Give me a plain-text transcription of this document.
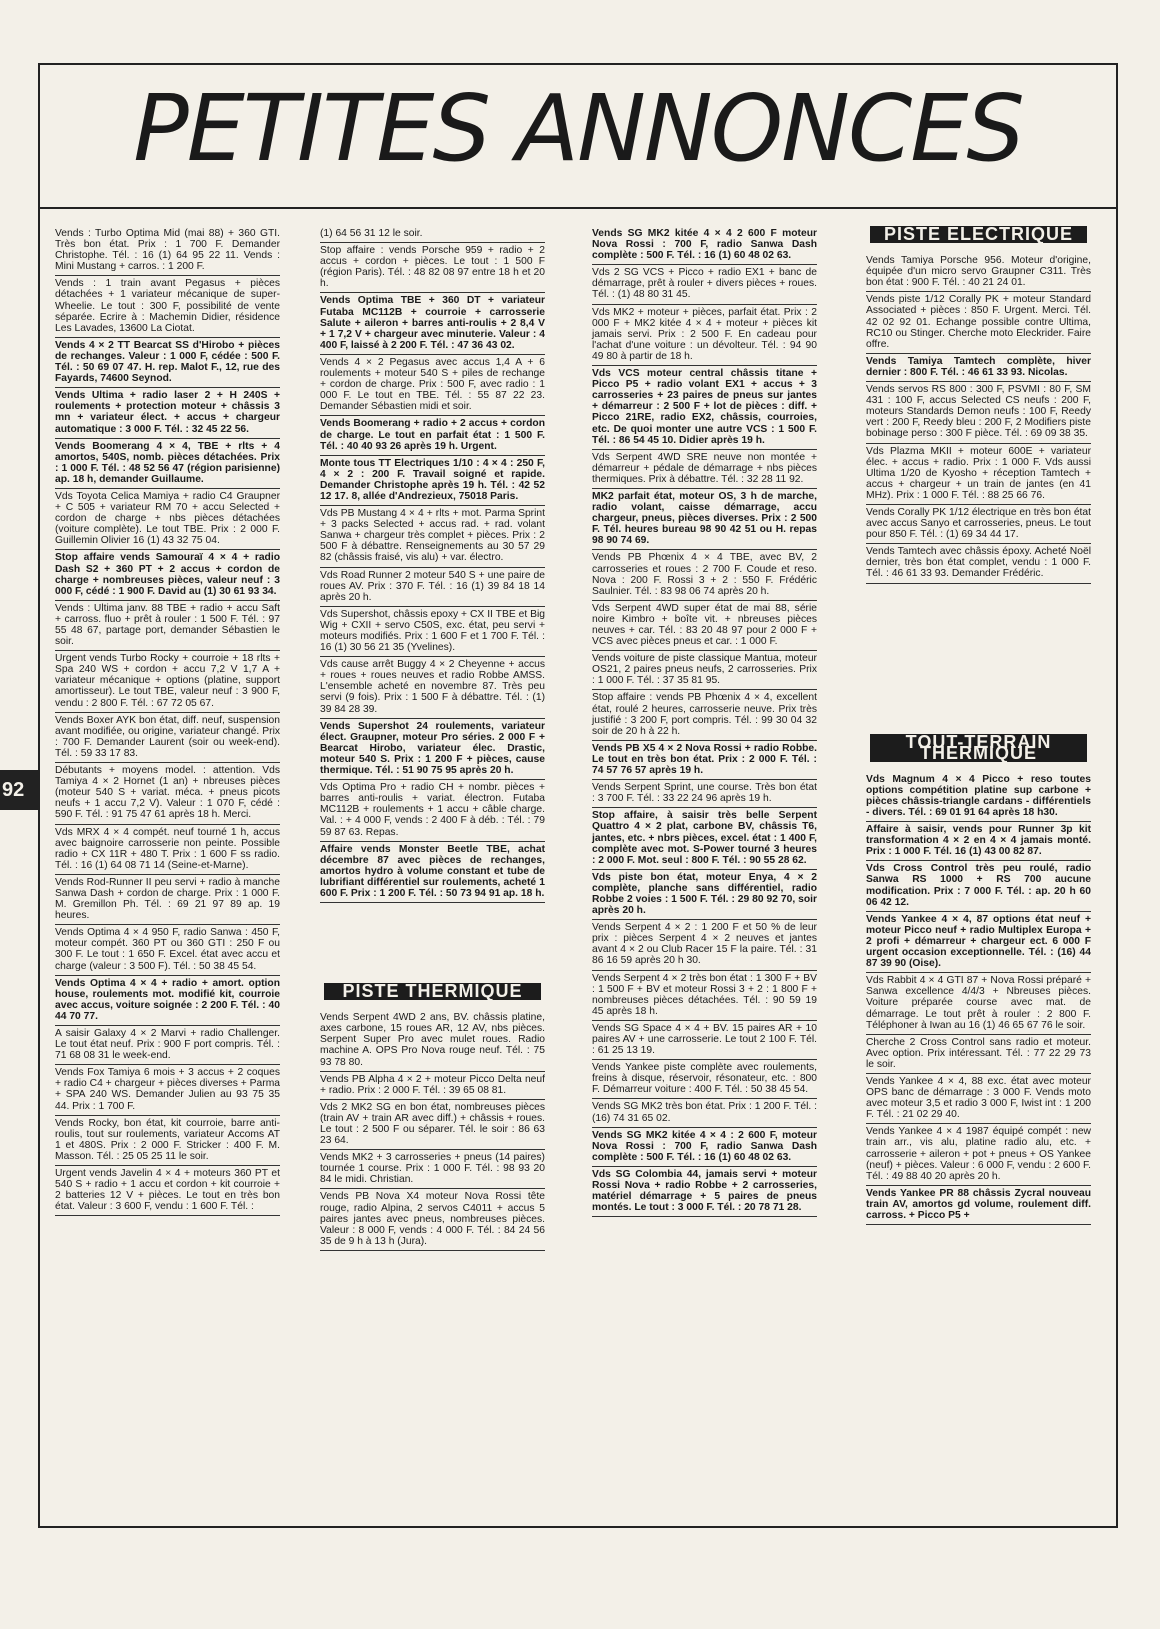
PETITES ANNONCES
92
Vends : Turbo Optima Mid (mai 88) + 360 GTI. Très bon état. Prix : 1 700 F. Demander Christophe. Tél. : 16 (1) 64 95 22 11. Vends : Mini Mustang + carros. : 1 200 F.
Vends : 1 train avant Pegasus + pièces détachées + 1 variateur mécanique de super-Wheelie. Le tout : 300 F, possibilité de vente séparée. Ecrire à : Machemin Didier, résidence Les Lavades, 13600 La Ciotat.
Vends 4 × 2 TT Bearcat SS d'Hirobo + pièces de rechanges. Valeur : 1 000 F, cédée : 500 F. Tél. : 50 69 07 47. H. rep. Malot F., 12, rue des Fayards, 74600 Seynod.
Vends Ultima + radio laser 2 + H 240S + roulements + protection moteur + châssis 3 mn + variateur élect. + accus + chargeur automatique : 3 000 F. Tél. : 32 45 22 56.
Vends Boomerang 4 × 4, TBE + rlts + 4 amortos, 540S, nomb. pièces détachées. Prix : 1 000 F. Tél. : 48 52 56 47 (région parisienne) ap. 18 h, demander Guillaume.
Vds Toyota Celica Mamiya + radio C4 Graupner + C 505 + variateur RM 70 + accu Selected + cordon de charge + nbs pièces détachées (voiture complète). Le tout TBE. Prix : 2 000 F. Guillemin Olivier 16 (1) 43 32 75 04.
Stop affaire vends Samouraï 4 × 4 + radio Dash S2 + 360 PT + 2 accus + cordon de charge + nombreuses pièces, valeur neuf : 3 000 F, cédé : 1 900 F. David au (1) 30 61 93 34.
Vends : Ultima janv. 88 TBE + radio + accu Saft + carross. fluo + prêt à rouler : 1 500 F. Tél. : 97 55 48 67, partage port, demander Sébastien le soir.
Urgent vends Turbo Rocky + courroie + 18 rlts + Spa 240 WS + cordon + accu 7,2 V 1,7 A + variateur mécanique + options (platine, support amortisseur). Le tout TBE, valeur neuf : 3 900 F, vendu : 2 800 F. Tél. : 67 72 05 67.
Vends Boxer AYK bon état, diff. neuf, suspension avant modifiée, ou origine, variateur changé. Prix : 700 F. Demander Laurent (soir ou week-end). Tél. : 59 33 17 83.
Débutants + moyens model. : attention. Vds Tamiya 4 × 2 Hornet (1 an) + nbreuses pièces (moteur 540 S + variat. méca. + pneus picots neufs + 1 accu 7,2 V). Valeur : 1 070 F, cédé : 590 F. Tél. : 91 75 47 61 après 18 h. Merci.
Vds MRX 4 × 4 compét. neuf tourné 1 h, accus avec baignoire carrosserie non peinte. Possible radio + CX 11R + 480 T. Prix : 1 600 F ss radio. Tél. : 16 (1) 64 08 71 14 (Seine-et-Marne).
Vends Rod-Runner II peu servi + radio à manche Sanwa Dash + cordon de charge. Prix : 1 000 F. M. Gremillon Ph. Tél. : 69 21 97 89 ap. 19 heures.
Vends Optima 4 × 4 950 F, radio Sanwa : 450 F, moteur compét. 360 PT ou 360 GTI : 250 F ou 300 F. Le tout : 1 650 F. Excel. état avec accu et charge (valeur : 3 500 F). Tél. : 50 38 45 54.
Vends Optima 4 × 4 + radio + amort. option house, roulements mot. modifié kit, courroie avec accus, voiture soignée : 2 200 F. Tél. : 40 44 70 77.
A saisir Galaxy 4 × 2 Marvi + radio Challenger. Le tout état neuf. Prix : 900 F port compris. Tél. : 71 68 08 31 le week-end.
Vends Fox Tamiya 6 mois + 3 accus + 2 coques + radio C4 + chargeur + pièces diverses + Parma + SPA 240 WS. Demander Julien au 93 75 35 44. Prix : 1 700 F.
Vends Rocky, bon état, kit courroie, barre anti-roulis, tout sur roulements, variateur Accoms AT 1 et 480S. Prix : 2 000 F. Stricker : 400 F. M. Masson. Tél. : 25 05 25 11 le soir.
Urgent vends Javelin 4 × 4 + moteurs 360 PT et 540 S + radio + 1 accu et cordon + kit courroie + 2 batteries 12 V + pièces. Le tout en très bon état. Valeur : 3 600 F, vendu : 1 600 F. Tél. :
(1) 64 56 31 12 le soir.
Stop affaire : vends Porsche 959 + radio + 2 accus + cordon + pièces. Le tout : 1 500 F (région Paris). Tél. : 48 82 08 97 entre 18 h et 20 h.
Vends Optima TBE + 360 DT + variateur Futaba MC112B + courroie + carrosserie Salute + aileron + barres anti-roulis + 2 8,4 V + 1 7,2 V + chargeur avec minuterie. Valeur : 4 400 F, laissé à 2 200 F. Tél. : 47 36 43 02.
Vends 4 × 2 Pegasus avec accus 1,4 A + 6 roulements + moteur 540 S + piles de rechange + cordon de charge. Prix : 500 F, avec radio : 1 000 F. Le tout en TBE. Tél. : 55 87 22 23. Demander Sébastien midi et soir.
Vends Boomerang + radio + 2 accus + cordon de charge. Le tout en parfait état : 1 500 F. Tél. : 40 40 93 26 après 19 h. Urgent.
Monte tous TT Electriques 1/10 : 4 × 4 : 250 F, 4 × 2 : 200 F. Travail soigné et rapide. Demander Christophe après 19 h. Tél. : 42 52 12 17. 8, allée d'Andrezieux, 75018 Paris.
Vds PB Mustang 4 × 4 + rlts + mot. Parma Sprint + 3 packs Selected + accus rad. + rad. volant Sanwa + chargeur très complet + pièces. Prix : 2 500 F à débattre. Renseignements au 30 57 29 82 (châssis fraisé, vis alu) + var. électro.
Vds Road Runner 2 moteur 540 S + une paire de roues AV. Prix : 370 F. Tél. : 16 (1) 39 84 18 14 après 20 h.
Vds Supershot, châssis epoxy + CX II TBE et Big Wig + CXII + servo C50S, exc. état, peu servi + moteurs modifiés. Prix : 1 600 F et 1 700 F. Tél. : 16 (1) 30 56 21 35 (Yvelines).
Vds cause arrêt Buggy 4 × 2 Cheyenne + accus + roues + roues neuves et radio Robbe AMSS. L'ensemble acheté en novembre 87. Très peu servi (9 fois). Prix : 1 500 F à débattre. Tél. : (1) 39 84 28 39.
Vends Supershot 24 roulements, variateur élect. Graupner, moteur Pro séries. 2 000 F + Bearcat Hirobo, variateur élec. Drastic, moteur 540 S. Prix : 1 200 F + pièces, cause thermique. Tél. : 51 90 75 95 après 20 h.
Vds Optima Pro + radio CH + nombr. pièces + barres anti-roulis + variat. électron. Futaba MC112B + roulements + 1 accu + câble charge. Val. : + 4 000 F, vends : 2 400 F à déb. : Tél. : 79 59 87 63. Repas.
Affaire vends Monster Beetle TBE, achat décembre 87 avec pièces de rechanges, amortos hydro à volume constant et tube de lubrifiant différentiel sur roulements, acheté 1 600 F. Prix : 1 200 F. Tél. : 50 73 94 91 ap. 18 h.
PISTE THERMIQUE
Vends Serpent 4WD 2 ans, BV. châssis platine, axes carbone, 15 roues AR, 12 AV, nbs pièces. Serpent Super Pro avec mulet roues. Radio machine A. OPS Pro Nova rouge neuf. Tél. : 75 93 78 80.
Vends PB Alpha 4 × 2 + moteur Picco Delta neuf + radio. Prix : 2 000 F. Tél. : 39 65 08 81.
Vds 2 MK2 SG en bon état, nombreuses pièces (train AV + train AR avec diff.) + châssis + roues. Le tout : 2 500 F ou séparer. Tél. le soir : 86 63 23 64.
Vends MK2 + 3 carrosseries + pneus (14 paires) tournée 1 course. Prix : 1 000 F. Tél. : 98 93 20 84 le midi. Christian.
Vends PB Nova X4 moteur Nova Rossi tête rouge, radio Alpina, 2 servos C4011 + accus 5 paires jantes avec pneus, nombreuses pièces. Valeur : 8 000 F, vends : 4 000 F. Tél. : 84 24 56 35 de 9 h à 13 h (Jura).
Vends SG MK2 kitée 4 × 4 2 600 F moteur Nova Rossi : 700 F, radio Sanwa Dash complète : 500 F. Tél. : 16 (1) 60 48 02 63.
Vds 2 SG VCS + Picco + radio EX1 + banc de démarrage, prêt à rouler + divers pièces + roues. Tél. : (1) 48 80 31 45.
Vds MK2 + moteur + pièces, parfait état. Prix : 2 000 F + MK2 kitée 4 × 4 + moteur + pièces kit jamais servi. Prix : 2 500 F. En cadeau pour l'achat d'une voiture : un dévolteur. Tél. : 94 90 49 80 à partir de 18 h.
Vds VCS moteur central châssis titane + Picco P5 + radio volant EX1 + accus + 3 carrosseries + 23 paires de pneus sur jantes + démarreur : 2 500 F + lot de pièces : diff. + Picco 21RE, radio EX2, châssis, courroies, etc. De quoi monter une autre VCS : 1 500 F. Tél. : 86 54 45 10. Didier après 19 h.
Vds Serpent 4WD SRE neuve non montée + démarreur + pédale de démarrage + nbs pièces thermiques. Prix à débattre. Tél. : 32 28 11 92.
MK2 parfait état, moteur OS, 3 h de marche, radio volant, caisse démarrage, accu chargeur, pneus, pièces diverses. Prix : 2 500 F. Tél. heures bureau 98 90 42 51 ou H. repas 98 90 74 69.
Vends PB Phœnix 4 × 4 TBE, avec BV, 2 carrosseries et roues : 2 700 F. Coude et reso. Nova : 200 F. Rossi 3 + 2 : 550 F. Frédéric Saulnier. Tél. : 83 98 06 74 après 20 h.
Vds Serpent 4WD super état de mai 88, série noire Kimbro + boîte vit. + nbreuses pièces neuves + car. Tél. : 83 20 48 97 pour 2 000 F + VCS avec pièces pneus et car. : 1 000 F.
Vends voiture de piste classique Mantua, moteur OS21, 2 paires pneus neufs, 2 carrosseries. Prix : 1 000 F. Tél. : 37 35 81 95.
Stop affaire : vends PB Phœnix 4 × 4, excellent état, roulé 2 heures, carrosserie neuve. Prix très justifié : 3 200 F, port compris. Tél. : 99 30 04 32 soir de 20 h à 22 h.
Vends PB X5 4 × 2 Nova Rossi + radio Robbe. Le tout en très bon état. Prix : 2 000 F. Tél. : 74 57 76 57 après 19 h.
Vends Serpent Sprint, une course. Très bon état : 3 700 F. Tél. : 33 22 24 96 après 19 h.
Stop affaire, à saisir très belle Serpent Quattro 4 × 2 plat, carbone BV, châssis T6, jantes, etc. + nbrs pièces, excel. état : 1 400 F, complète avec mot. S-Power tourné 3 heures : 2 000 F. Mot. seul : 800 F. Tél. : 90 55 28 62.
Vds piste bon état, moteur Enya, 4 × 2 complète, planche sans différentiel, radio Robbe 2 voies : 1 500 F. Tél. : 29 80 92 70, soir après 20 h.
Vends Serpent 4 × 2 : 1 200 F et 50 % de leur prix : pièces Serpent 4 × 2 neuves et jantes avant 4 × 2 ou Club Racer 15 F la paire. Tél. : 31 86 16 59 après 20 h 30.
Vends Serpent 4 × 2 très bon état : 1 300 F + BV : 1 500 F + BV et moteur Rossi 3 + 2 : 1 800 F + nombreuses pièces détachées. Tél. : 90 59 19 45 après 18 h.
Vends SG Space 4 × 4 + BV. 15 paires AR + 10 paires AV + une carrosserie. Le tout 2 100 F. Tél. : 61 25 13 19.
Vends Yankee piste complète avec roulements, freins à disque, réservoir, résonateur, etc. : 800 F. Démarreur voiture : 400 F. Tél. : 50 38 45 54.
Vends SG MK2 très bon état. Prix : 1 200 F. Tél. : (16) 74 31 65 02.
Vends SG MK2 kitée 4 × 4 : 2 600 F, moteur Nova Rossi : 700 F, radio Sanwa Dash complète : 500 F. Tél. : 16 (1) 60 48 02 63.
Vds SG Colombia 44, jamais servi + moteur Rossi Nova + radio Robbe + 2 carrosseries, matériel démarrage + 5 paires de pneus montés. Le tout : 3 000 F. Tél. : 20 78 71 28.
PISTE ELECTRIQUE
Vends Tamiya Porsche 956. Moteur d'origine, équipée d'un micro servo Graupner C311. Très bon état : 900 F. Tél. : 40 21 24 01.
Vends piste 1/12 Corally PK + moteur Standard Associated + pièces : 850 F. Urgent. Merci. Tél. 42 02 92 01. Echange possible contre Ultima, RC10 ou Stinger. Cherche moto Eleckrider. Faire offre.
Vends Tamiya Tamtech complète, hiver dernier : 800 F. Tél. : 46 61 33 93. Nicolas.
Vends servos RS 800 : 300 F, PSVMI : 80 F, SM 431 : 100 F, accus Selected CS neufs : 200 F, moteurs Standards Demon neufs : 100 F, Reedy vert : 200 F, Reedy bleu : 200 F, 2 Modifiers piste bobinage perso : 300 F pièce. Tél. : 69 09 38 35.
Vds Plazma MKII + moteur 600E + variateur élec. + accus + radio. Prix : 1 000 F. Vds aussi Ultima 1/20 de Kyosho + réception Tamtech + accus + chargeur + un train de jantes (en 41 MHz). Prix : 1 000 F. Tél. : 88 25 66 76.
Vends Corally PK 1/12 électrique en très bon état avec accus Sanyo et carrosseries, pneus. Le tout pour 850 F. Tél. : (1) 69 34 44 17.
Vends Tamtech avec châssis époxy. Acheté Noël dernier, très bon état complet, vendu : 1 000 F. Tél. : 46 61 33 93. Demander Frédéric.
TOUT-TERRAIN THERMIQUE
Vds Magnum 4 × 4 Picco + reso toutes options compétition platine sup carbone + pièces châssis-triangle cardans - différentiels - divers. Tél. : 69 01 91 64 après 18 h30.
Affaire à saisir, vends pour Runner 3p kit transformation 4 × 2 en 4 × 4 jamais monté. Prix : 1 000 F. Tél. 16 (1) 43 00 82 87.
Vds Cross Control très peu roulé, radio Sanwa RS 1000 + RS 700 aucune modification. Prix : 7 000 F. Tél. : ap. 20 h 60 06 42 12.
Vends Yankee 4 × 4, 87 options état neuf + moteur Picco neuf + radio Multiplex Europa + 2 profi + démarreur + chargeur ect. 6 000 F urgent occasion exceptionnelle. Tél. : (16) 44 87 39 90 (Oise).
Vds Rabbit 4 × 4 GTI 87 + Nova Rossi préparé + Sanwa excellence 4/4/3 + Nbreuses pièces. Voiture préparée course avec mat. de démarrage. Le tout prêt à rouler : 2 800 F. Téléphoner à Iwan au 16 (1) 46 65 67 76 le soir.
Cherche 2 Cross Control sans radio et moteur. Avec option. Prix intéressant. Tél. : 77 22 29 73 le soir.
Vends Yankee 4 × 4, 88 exc. état avec moteur OPS banc de démarrage : 3 000 F. Vends moto avec moteur 3,5 et radio 3 000 F, Iwist int : 1 200 F. Tél. : 21 02 29 40.
Vends Yankee 4 × 4 1987 équipé compét : new train arr., vis alu, platine radio alu, etc. + carrosserie + aileron + pot + pneus + OS Yankee (neuf) + pièces. Valeur : 6 000 F, vendu : 2 600 F. Tél. : 49 88 40 20 après 20 h.
Vends Yankee PR 88 châssis Zycral nouveau train AV, amortos gd volume, roulement diff. carross. + Picco P5 +
